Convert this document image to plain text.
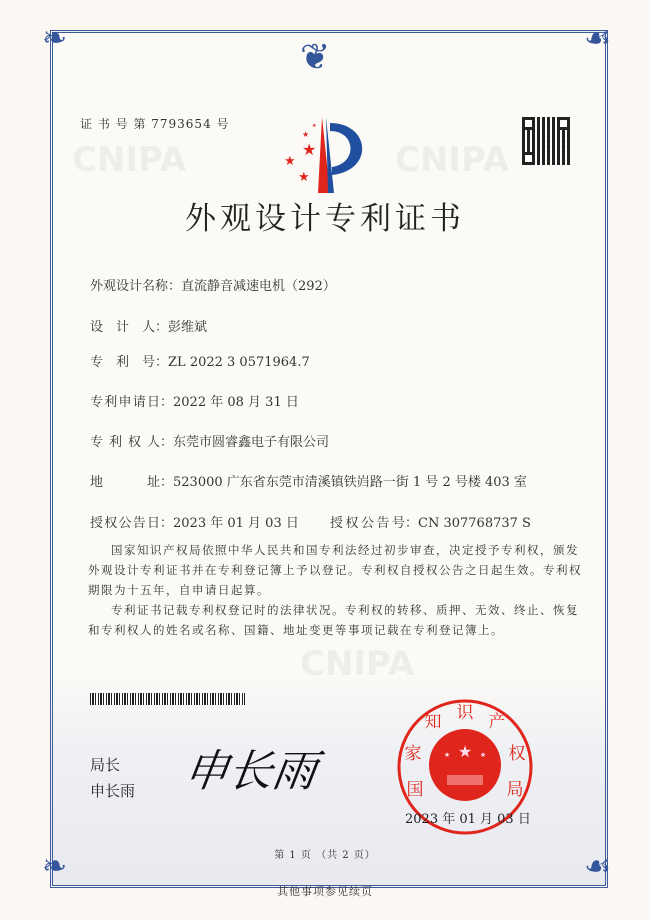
❦
❧	☙
❧	☙
CNIPA	CNIPA
CNIPA
证 书 号 第 7793654 号
★
★
★
★
★
外观设计专利证书
外观设计名称：直流静音减速电机（292）
设计人：彭维斌
专利号：ZL 2022 3 0571964.7
专利申请日：2022 年 08 月 31 日
专利权人：东莞市圆睿鑫电子有限公司
地址：523000 广东省东莞市清溪镇铁岿路一街 1 号 2 号楼 403 室
授权公告日：2023 年 01 月 03 日 授权公告号：CN 307768737 S

国家知识产权局依照中华人民共和国专利法经过初步审查，决定授予专利权，颁发外观设计专利证书并在专利登记簿上予以登记。专利权自授权公告之日起生效。专利权期限为十五年，自申请日起算。

专利证书记载专利权登记时的法律状况。专利权的转移、质押、无效、终止、恢复和专利权人的姓名或名称、国籍、地址变更等事项记载在专利登记簿上。

局长
申长雨 申长雨	★
★	★
国
家
知 识 产
权
局
2023 年 01 月 03 日
第 1 页 （共 2 页）
其他事项参见续页
